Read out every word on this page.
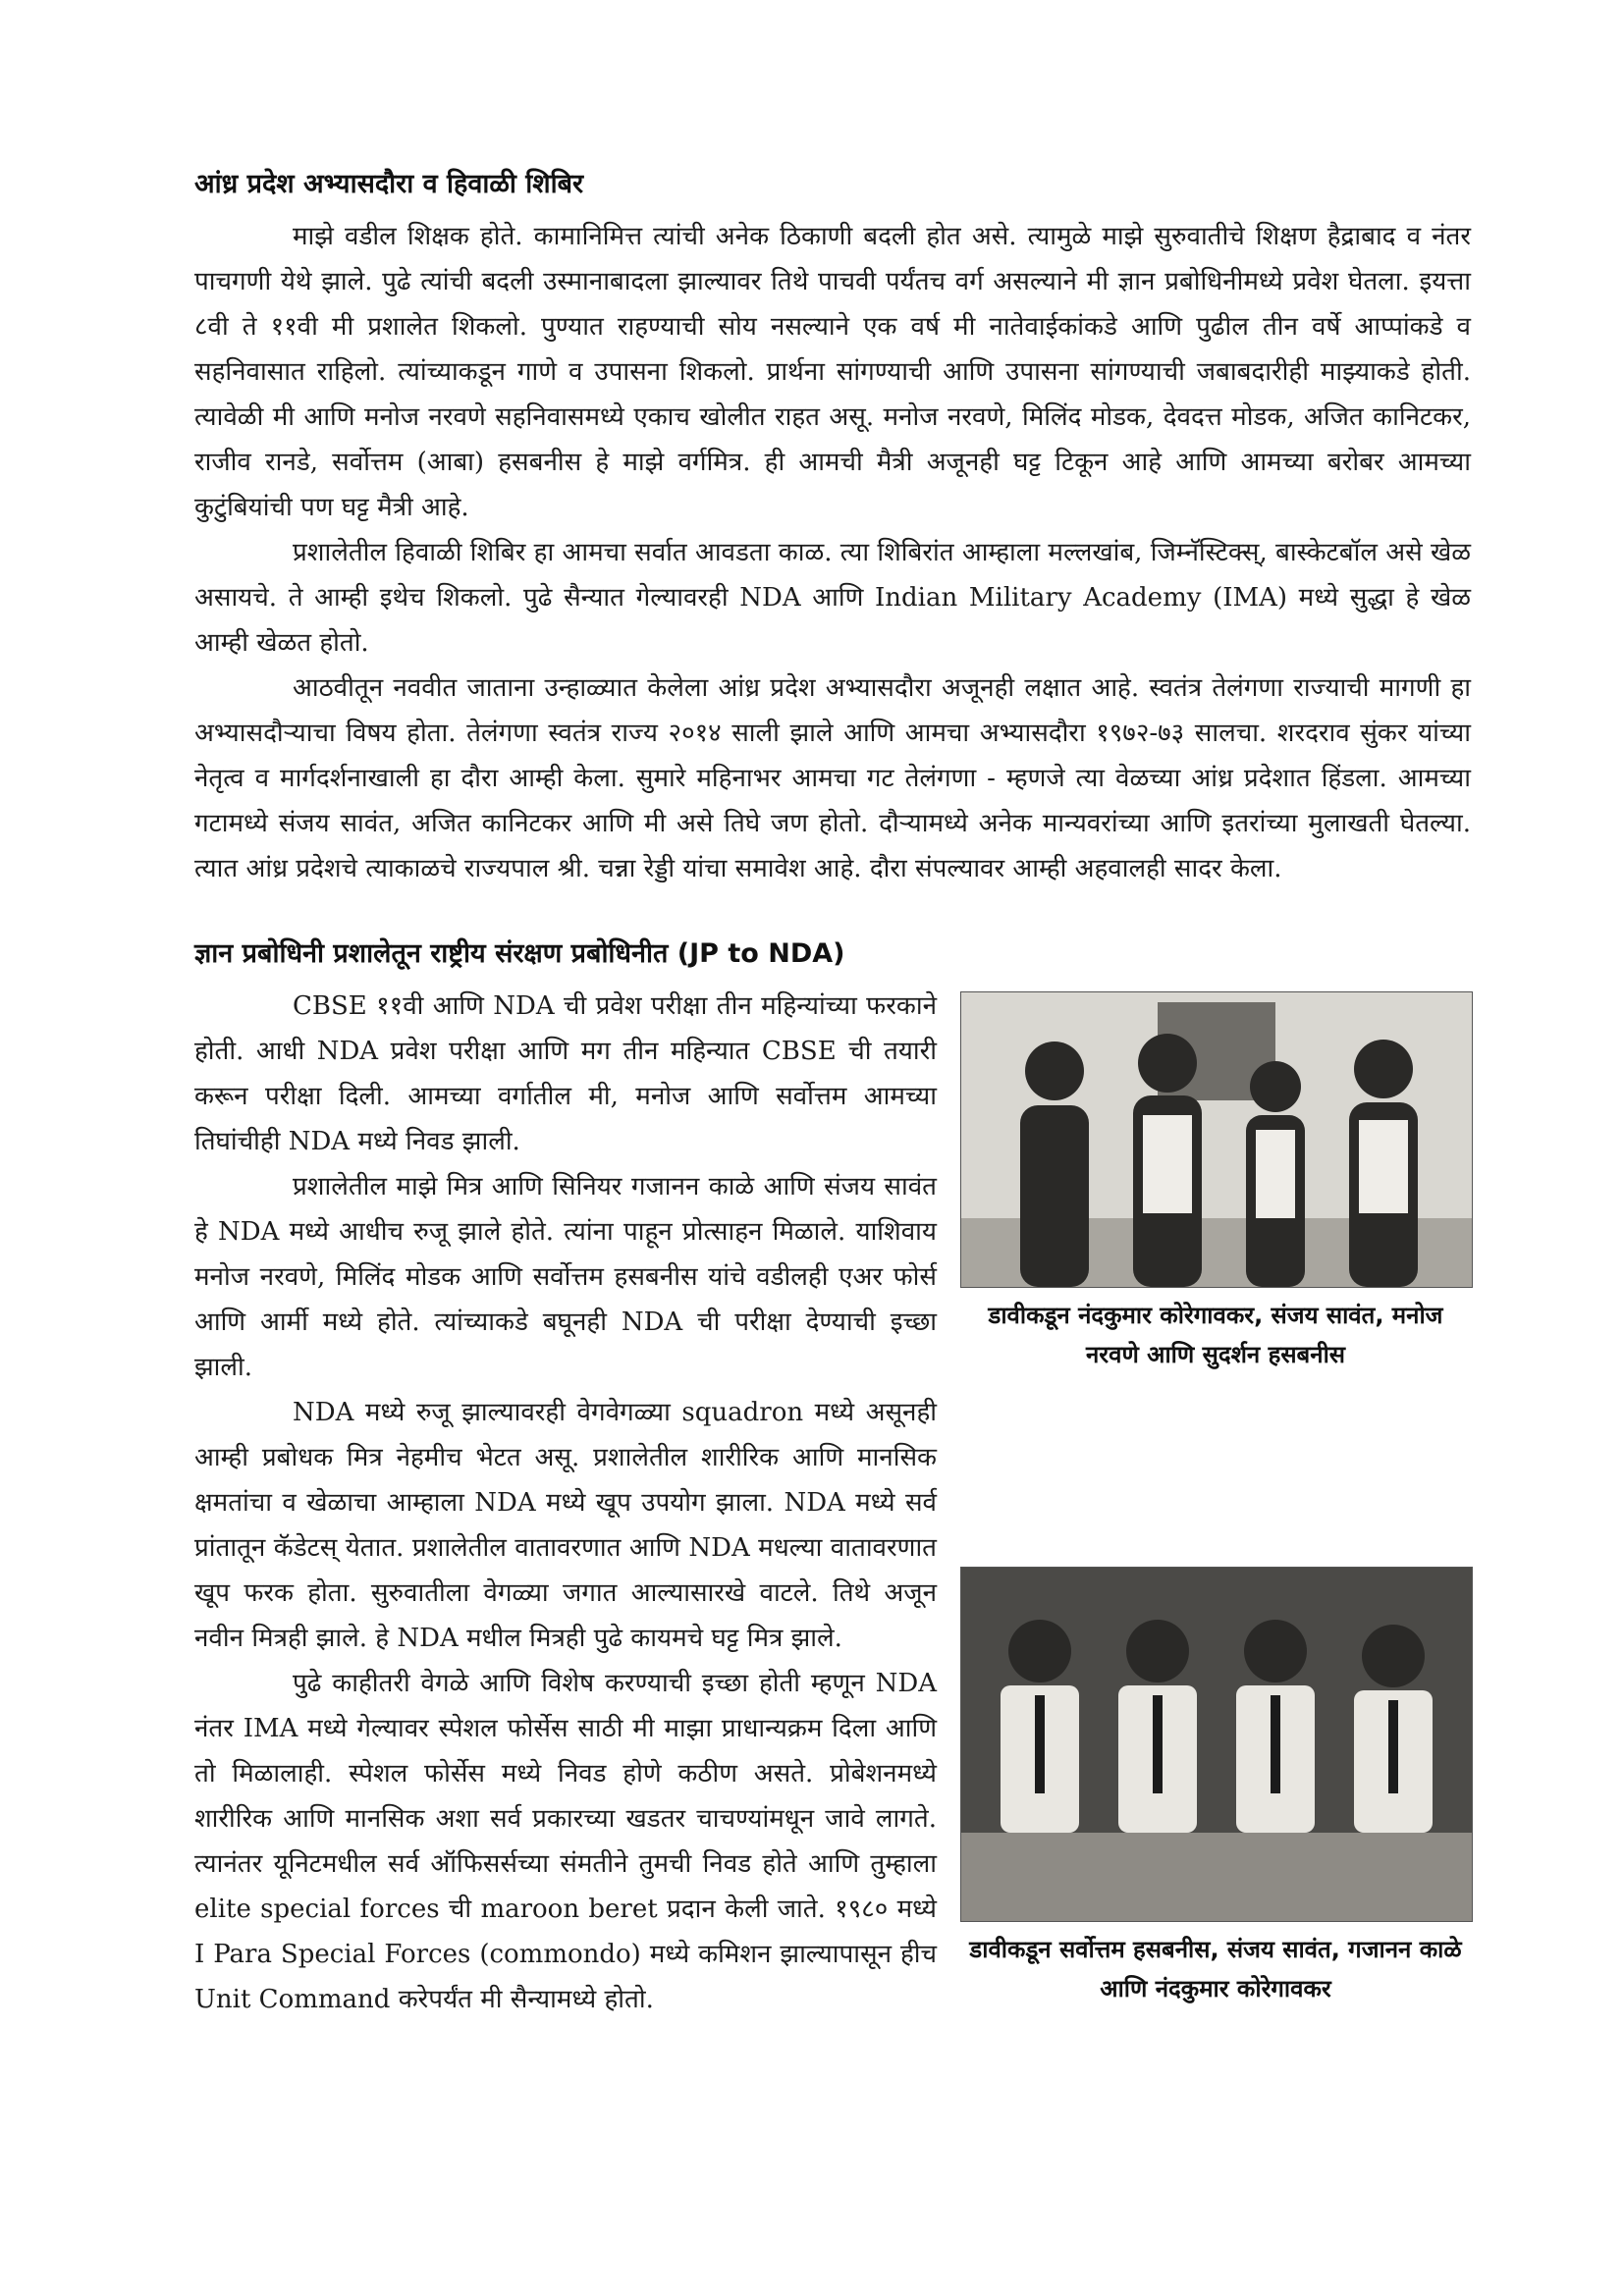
आंध्र प्रदेश अभ्यासदौरा व हिवाळी शिबिर

माझे वडील शिक्षक होते. कामानिमित्त त्यांची अनेक ठिकाणी बदली होत असे. त्यामुळे माझे सुरुवातीचे शिक्षण हैद्राबाद व नंतर पाचगणी येथे झाले. पुढे त्यांची बदली उस्मानाबादला झाल्यावर तिथे पाचवी पर्यंतच वर्ग असल्याने मी ज्ञान प्रबोधिनीमध्ये प्रवेश घेतला. इयत्ता ८वी ते ११वी मी प्रशालेत शिकलो. पुण्यात राहण्याची सोय नसल्याने एक वर्ष मी नातेवाईकांकडे आणि पुढील तीन वर्षे आप्पांकडे व सहनिवासात राहिलो. त्यांच्याकडून गाणे व उपासना शिकलो. प्रार्थना सांगण्याची आणि उपासना सांगण्याची जबाबदारीही माझ्याकडे होती. त्यावेळी मी आणि मनोज नरवणे सहनिवासमध्ये एकाच खोलीत राहत असू. मनोज नरवणे, मिलिंद मोडक, देवदत्त मोडक, अजित कानिटकर, राजीव रानडे, सर्वोत्तम (आबा) हसबनीस हे माझे वर्गमित्र. ही आमची मैत्री अजूनही घट्ट टिकून आहे आणि आमच्या बरोबर आमच्या कुटुंबियांची पण घट्ट मैत्री आहे.

प्रशालेतील हिवाळी शिबिर हा आमचा सर्वात आवडता काळ. त्या शिबिरांत आम्हाला मल्लखांब, जिम्नॅस्टिक्स्, बास्केटबॉल असे खेळ असायचे. ते आम्ही इथेच शिकलो. पुढे सैन्यात गेल्यावरही NDA आणि Indian Military Academy (IMA) मध्ये सुद्धा हे खेळ आम्ही खेळत होतो.

आठवीतून नववीत जाताना उन्हाळ्यात केलेला आंध्र प्रदेश अभ्यासदौरा अजूनही लक्षात आहे. स्वतंत्र तेलंगणा राज्याची मागणी हा अभ्यासदौऱ्याचा विषय होता. तेलंगणा स्वतंत्र राज्य २०१४ साली झाले आणि आमचा अभ्यासदौरा १९७२-७३ सालचा. शरदराव सुंकर यांच्या नेतृत्व व मार्गदर्शनाखाली हा दौरा आम्ही केला. सुमारे महिनाभर आमचा गट तेलंगणा - म्हणजे त्या वेळच्या आंध्र प्रदेशात हिंडला. आमच्या गटामध्ये संजय सावंत, अजित कानिटकर आणि मी असे तिघे जण होतो. दौऱ्यामध्ये अनेक मान्यवरांच्या आणि इतरांच्या मुलाखती घेतल्या. त्यात आंध्र प्रदेशचे त्याकाळचे राज्यपाल श्री. चन्ना रेड्डी यांचा समावेश आहे. दौरा संपल्यावर आम्ही अहवालही सादर केला.

ज्ञान प्रबोधिनी प्रशालेतून राष्ट्रीय संरक्षण प्रबोधिनीत (JP to NDA)
डावीकडून नंदकुमार कोरेगावकर, संजय सावंत, मनोज नरवणे आणि सुदर्शन हसबनीस

CBSE ११वी आणि NDA ची प्रवेश परीक्षा तीन महिन्यांच्या फरकाने होती. आधी NDA प्रवेश परीक्षा आणि मग तीन महिन्यात CBSE ची तयारी करून परीक्षा दिली. आमच्या वर्गातील मी, मनोज आणि सर्वोत्तम आमच्या तिघांचीही NDA मध्ये निवड झाली.

प्रशालेतील माझे मित्र आणि सिनियर गजानन काळे आणि संजय सावंत हे NDA मध्ये आधीच रुजू झाले होते. त्यांना पाहून प्रोत्साहन मिळाले. याशिवाय मनोज नरवणे, मिलिंद मोडक आणि सर्वोत्तम हसबनीस यांचे वडीलही एअर फोर्स आणि आर्मी मध्ये होते. त्यांच्याकडे बघूनही NDA ची परीक्षा देण्याची इच्छा झाली.

डावीकडून सर्वोत्तम हसबनीस, संजय सावंत, गजानन काळे आणि नंदकुमार कोरेगावकर

NDA मध्ये रुजू झाल्यावरही वेगवेगळ्या squadron मध्ये असूनही आम्ही प्रबोधक मित्र नेहमीच भेटत असू. प्रशालेतील शारीरिक आणि मानसिक क्षमतांचा व खेळाचा आम्हाला NDA मध्ये खूप उपयोग झाला. NDA मध्ये सर्व प्रांतातून कॅडेटस् येतात. प्रशालेतील वातावरणात आणि NDA मधल्या वातावरणात खूप फरक होता. सुरुवातीला वेगळ्या जगात आल्यासारखे वाटले. तिथे अजून नवीन मित्रही झाले. हे NDA मधील मित्रही पुढे कायमचे घट्ट मित्र झाले.

पुढे काहीतरी वेगळे आणि विशेष करण्याची इच्छा होती म्हणून NDA नंतर IMA मध्ये गेल्यावर स्पेशल फोर्सेस साठी मी माझा प्राधान्यक्रम दिला आणि तो मिळालाही. स्पेशल फोर्सेस मध्ये निवड होणे कठीण असते. प्रोबेशनमध्ये शारीरिक आणि मानसिक अशा सर्व प्रकारच्या खडतर चाचण्यांमधून जावे लागते. त्यानंतर यूनिटमधील सर्व ऑफिसर्सच्या संमतीने तुमची निवड होते आणि तुम्हाला elite special forces ची maroon beret प्रदान केली जाते. १९८० मध्ये I Para Special Forces (commondo) मध्ये कमिशन झाल्यापासून हीच Unit Command करेपर्यंत मी सैन्यामध्ये होतो.
